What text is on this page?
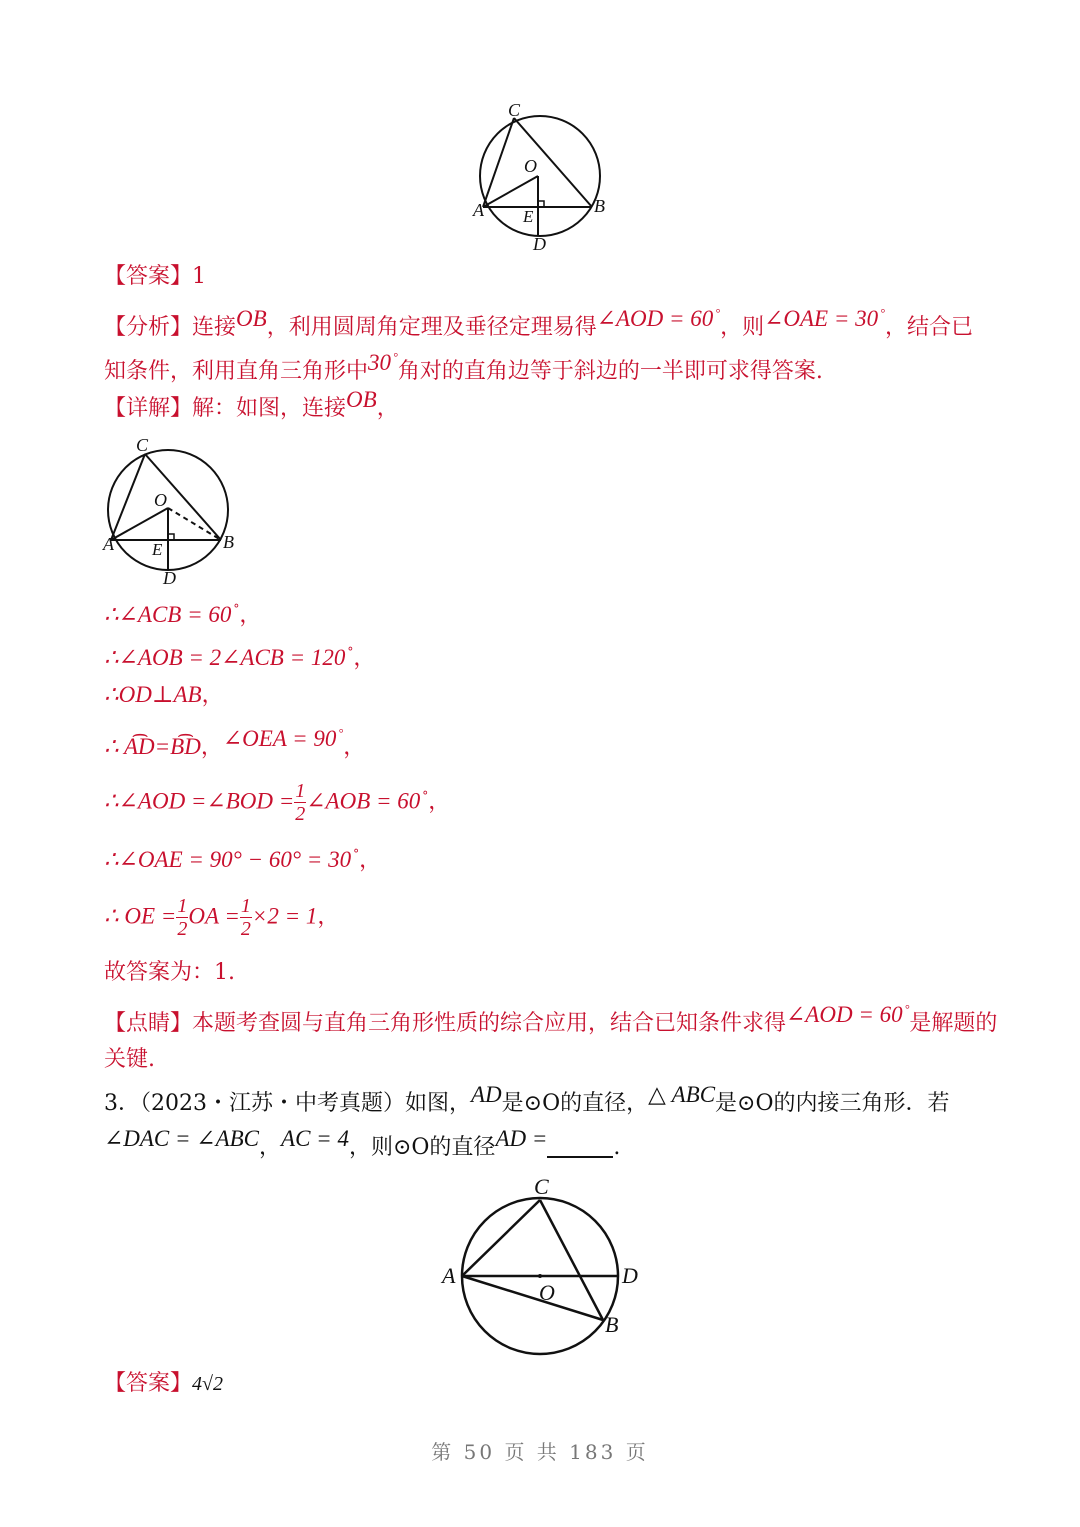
C
O
A	B
E
D
【答案】1
【分析】连接OB，利用圆周角定理及垂径定理易得∠AOD = 60 °，则∠OAE = 30 °，结合已
知条件，利用直角三角形中30 °角对的直角边等于斜边的一半即可求得答案.
【详解】解：如图，连接OB，
C
O
A	B
E
D
∴∠ACB = 60 °，
∴∠AOB = 2∠ACB = 120 °，
∴OD⊥AB，
∴ A͡D=B͡D，∠OEA = 90 °，
∴∠AOD =∠BOD = $\frac{1}{2}$ ∠AOB = 60 °，
∴∠OAE = 90° − 60° = 30 °，
∴ OE = $\frac{1}{2}$ OA = $\frac{1}{2} \times 2 = 1$，
故答案为：1.
【点睛】本题考查圆与直角三角形性质的综合应用，结合已知条件求得∠AOD = 60 °是解题的
关键.
3．（2023・江苏・中考真题）如图，AD是⊙O的直径，△ ABC是⊙O的内接三角形．若
∠DAC = ∠ABC，AC = 4，则⊙O的直径AD =	.
C
A	D
O
B
【答案】4√2
第 50 页 共 183 页
